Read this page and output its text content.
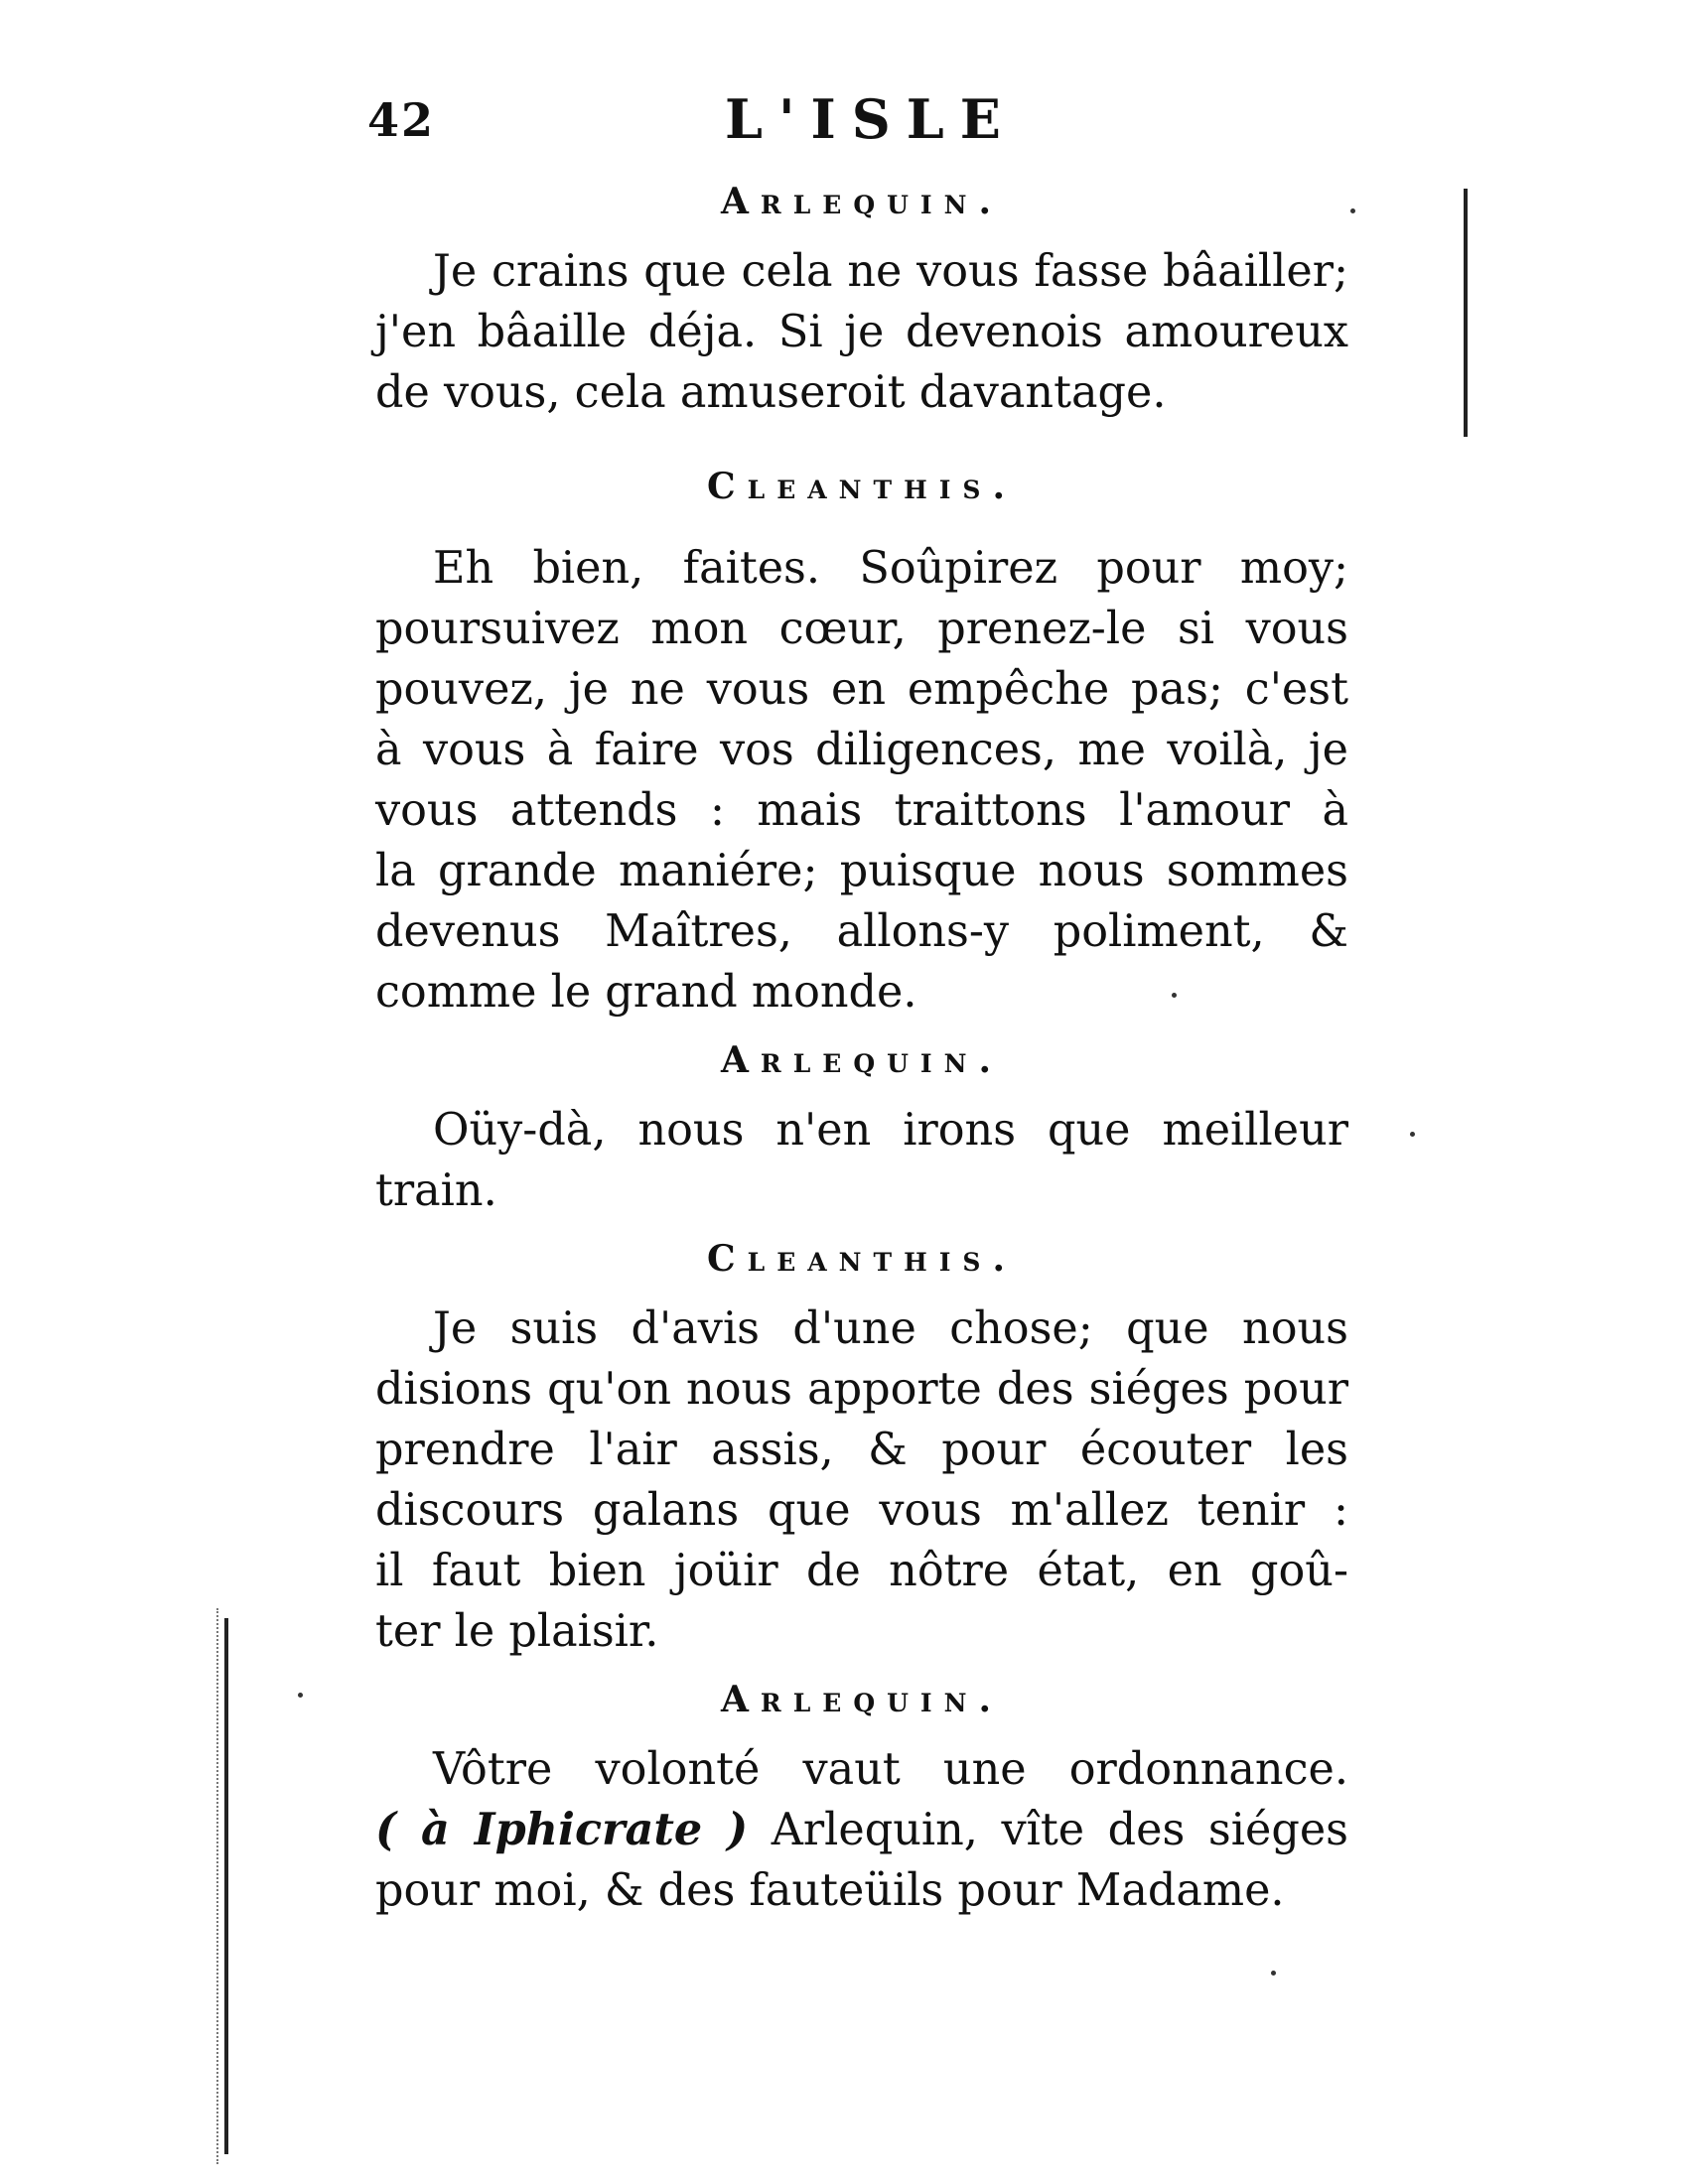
42	L'ISLE
Arlequin.
Je crains que cela ne vous fasse bâailler;
j'en bâaille déja. Si je devenois amoureux
de vous, cela amuseroit davantage.
Cleanthis.
Eh bien, faites. Soûpirez pour moy;
poursuivez mon cœur, prenez-le si vous
pouvez, je ne vous en empêche pas; c'est
à vous à faire vos diligences, me voilà, je
vous attends : mais traittons l'amour à
la grande maniére; puisque nous sommes
devenus Maîtres, allons-y poliment, &
comme le grand monde.
Arlequin.
Oüy-dà, nous n'en irons que meilleur
train.
Cleanthis.
Je suis d'avis d'une chose; que nous
disions qu'on nous apporte des siéges pour
prendre l'air assis, & pour écouter les
discours galans que vous m'allez tenir :
il faut bien joüir de nôtre état, en goû-
ter le plaisir.
Arlequin.
Vôtre volonté vaut une ordonnance.
( à Iphicrate ) Arlequin, vîte des siéges
pour moi, & des fauteüils pour Madame.
